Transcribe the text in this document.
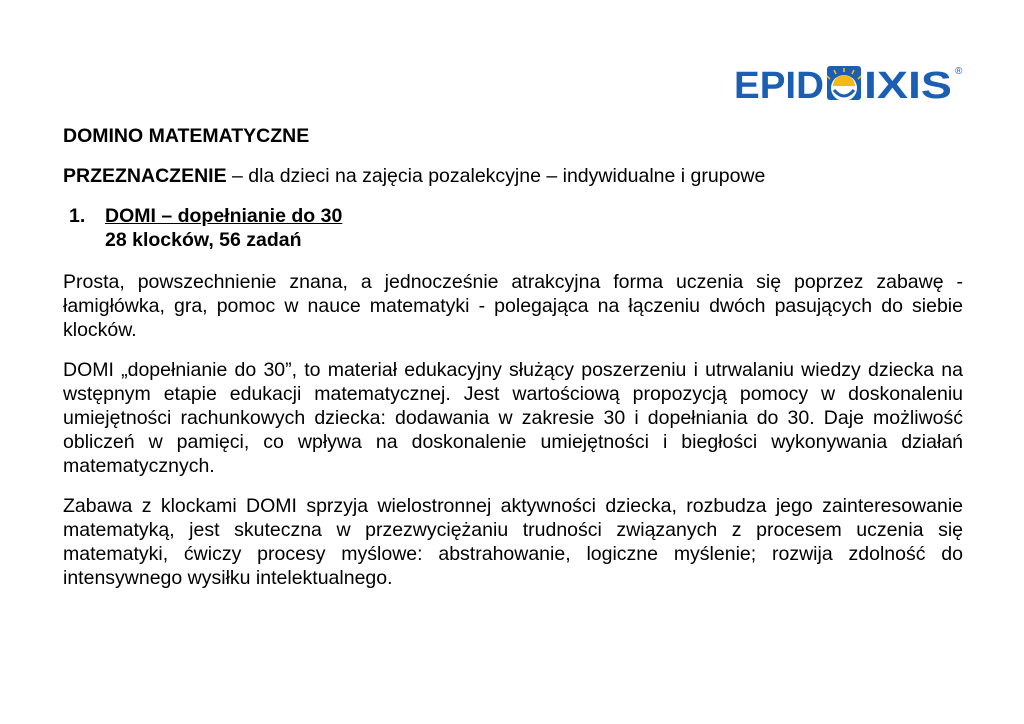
EPID IXIS ®
DOMINO MATEMATYCZNE
PRZEZNACZENIE – dla dzieci na zajęcia pozalekcyjne – indywidualne i grupowe
1.	DOMI – dopełnianie do 30
28 klocków, 56 zadań

Prosta, powszechnienie znana, a jednocześnie atrakcyjna forma uczenia się poprzez zabawę - łamigłówka, gra, pomoc w nauce matematyki - polegająca na łączeniu dwóch pasujących do siebie klocków.

DOMI „dopełnianie do 30”, to materiał edukacyjny służący poszerzeniu i utrwalaniu wiedzy dziecka na wstępnym etapie edukacji matematycznej. Jest wartościową propozycją pomocy w doskonaleniu umiejętności rachunkowych dziecka: dodawania w zakresie 30 i dopełniania do 30. Daje możliwość obliczeń w pamięci, co wpływa na doskonalenie umiejętności i biegłości wykonywania działań matematycznych.

Zabawa z klockami DOMI sprzyja wielostronnej aktywności dziecka, rozbudza jego zainteresowanie matematyką, jest skuteczna w przezwyciężaniu trudności związanych z procesem uczenia się matematyki, ćwiczy procesy myślowe: abstrahowanie, logiczne myślenie; rozwija zdolność do intensywnego wysiłku intelektualnego.
